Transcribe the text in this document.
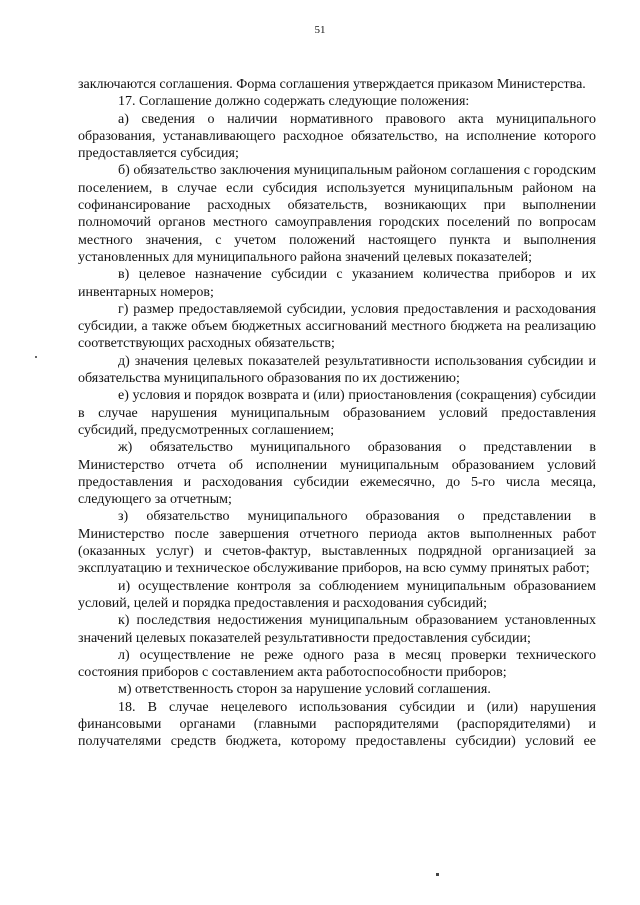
51

заключаются соглашения. Форма соглашения утверждается приказом Министерства.

17. Соглашение должно содержать следующие положения:

а) сведения о наличии нормативного правового акта муниципального образования, устанавливающего расходное обязательство, на исполнение которого предоставляется субсидия;

б) обязательство заключения муниципальным районом соглашения с городским поселением, в случае если субсидия используется муниципальным районом на софинансирование расходных обязательств, возникающих при выполнении полномочий органов местного самоуправления городских поселений по вопросам местного значения, с учетом положений настоящего пункта и выполнения установленных для муниципального района значений целевых показателей;

в) целевое назначение субсидии с указанием количества приборов и их инвентарных номеров;

г) размер предоставляемой субсидии, условия предоставления и расходования субсидии, а также объем бюджетных ассигнований местного бюджета на реализацию соответствующих расходных обязательств;

д) значения целевых показателей результативности использования субсидии и обязательства муниципального образования по их достижению;

е) условия и порядок возврата и (или) приостановления (сокращения) субсидии в случае нарушения муниципальным образованием условий предоставления субсидий, предусмотренных соглашением;

ж) обязательство муниципального образования о представлении в Министерство отчета об исполнении муниципальным образованием условий предоставления и расходования субсидии ежемесячно, до 5-го числа месяца, следующего за отчетным;

з) обязательство муниципального образования о представлении в Министерство после завершения отчетного периода актов выполненных работ (оказанных услуг) и счетов-фактур, выставленных подрядной организацией за эксплуатацию и техническое обслуживание приборов, на всю сумму принятых работ;

и) осуществление контроля за соблюдением муниципальным образованием условий, целей и порядка предоставления и расходования субсидий;

к) последствия недостижения муниципальным образованием установленных значений целевых показателей результативности предоставления субсидии;

л) осуществление не реже одного раза в месяц проверки технического состояния приборов с составлением акта работоспособности приборов;

м) ответственность сторон за нарушение условий соглашения.

18. В случае нецелевого использования субсидии и (или) нарушения финансовыми органами (главными распорядителями (распорядителями) и получателями средств бюджета, которому предоставлены субсидии) условий ее
